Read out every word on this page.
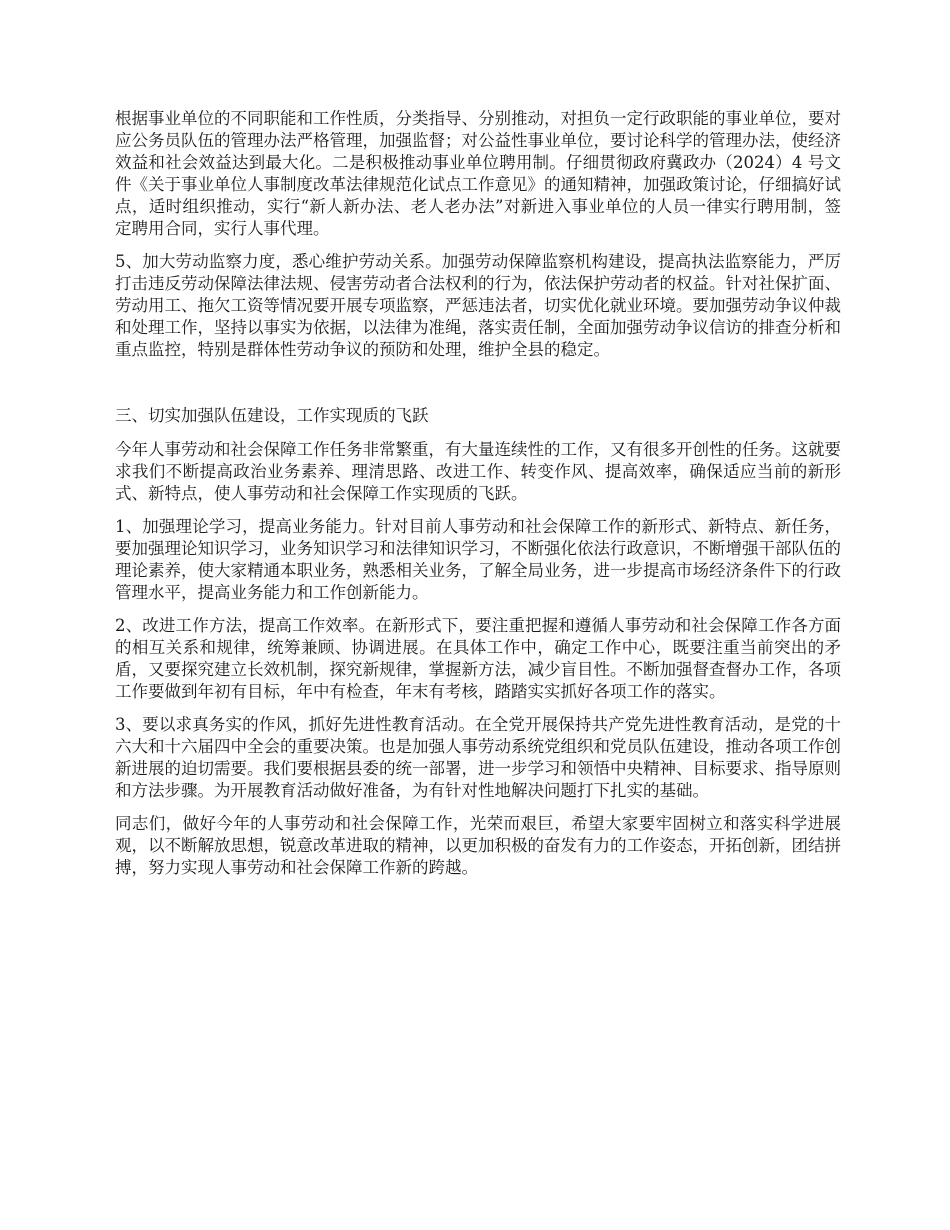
根据事业单位的不同职能和工作性质，分类指导、分别推动，对担负一定行政职能的事业单位，要对应公务员队伍的管理办法严格管理，加强监督；对公益性事业单位，要讨论科学的管理办法，使经济效益和社会效益达到最大化。二是积极推动事业单位聘用制。仔细贯彻政府冀政办（2024）4 号文件《关于事业单位人事制度改革法律规范化试点工作意见》的通知精神，加强政策讨论，仔细搞好试点，适时组织推动，实行“新人新办法、老人老办法”对新进入事业单位的人员一律实行聘用制，签定聘用合同，实行人事代理。

5、加大劳动监察力度，悉心维护劳动关系。加强劳动保障监察机构建设，提高执法监察能力，严厉打击违反劳动保障法律法规、侵害劳动者合法权利的行为，依法保护劳动者的权益。针对社保扩面、劳动用工、拖欠工资等情况要开展专项监察，严惩违法者，切实优化就业环境。要加强劳动争议仲裁和处理工作，坚持以事实为依据，以法律为准绳，落实责任制，全面加强劳动争议信访的排查分析和重点监控，特别是群体性劳动争议的预防和处理，维护全县的稳定。

三、切实加强队伍建设，工作实现质的飞跃

今年人事劳动和社会保障工作任务非常繁重，有大量连续性的工作，又有很多开创性的任务。这就要求我们不断提高政治业务素养、理清思路、改进工作、转变作风、提高效率，确保适应当前的新形式、新特点，使人事劳动和社会保障工作实现质的飞跃。

1、加强理论学习，提高业务能力。针对目前人事劳动和社会保障工作的新形式、新特点、新任务，要加强理论知识学习，业务知识学习和法律知识学习，不断强化依法行政意识，不断增强干部队伍的理论素养，使大家精通本职业务，熟悉相关业务，了解全局业务，进一步提高市场经济条件下的行政管理水平，提高业务能力和工作创新能力。

2、改进工作方法，提高工作效率。在新形式下，要注重把握和遵循人事劳动和社会保障工作各方面的相互关系和规律，统筹兼顾、协调进展。在具体工作中，确定工作中心，既要注重当前突出的矛盾，又要探究建立长效机制，探究新规律，掌握新方法，减少盲目性。不断加强督查督办工作，各项工作要做到年初有目标，年中有检查，年末有考核，踏踏实实抓好各项工作的落实。

3、要以求真务实的作风，抓好先进性教育活动。在全党开展保持共产党先进性教育活动，是党的十六大和十六届四中全会的重要决策。也是加强人事劳动系统党组织和党员队伍建设，推动各项工作创新进展的迫切需要。我们要根据县委的统一部署，进一步学习和领悟中央精神、目标要求、指导原则和方法步骤。为开展教育活动做好准备，为有针对性地解决问题打下扎实的基础。

同志们，做好今年的人事劳动和社会保障工作，光荣而艰巨，希望大家要牢固树立和落实科学进展观，以不断解放思想，锐意改革进取的精神，以更加积极的奋发有力的工作姿态，开拓创新，团结拼搏，努力实现人事劳动和社会保障工作新的跨越。
